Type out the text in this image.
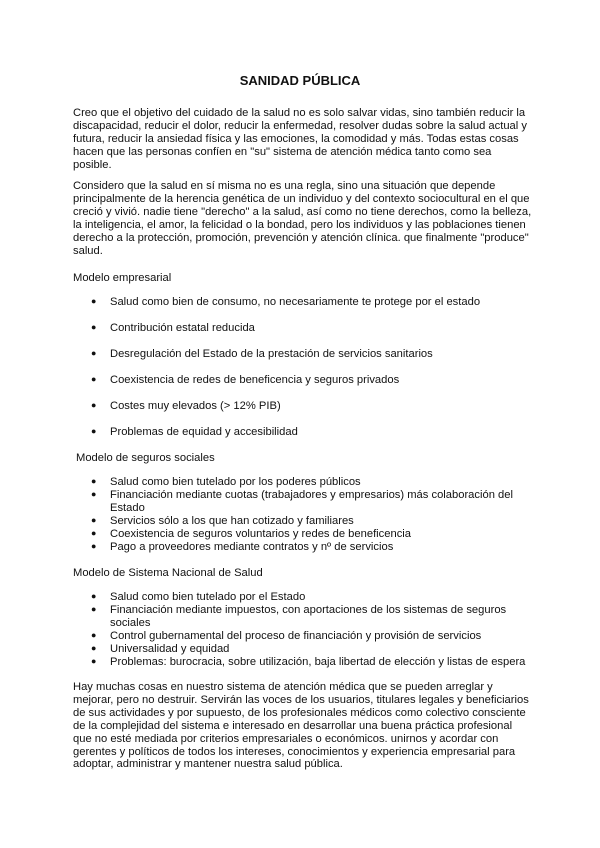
SANIDAD PÚBLICA
Creo que el objetivo del cuidado de la salud no es solo salvar vidas, sino también reducir la
discapacidad, reducir el dolor, reducir la enfermedad, resolver dudas sobre la salud actual y
futura, reducir la ansiedad física y las emociones, la comodidad y más. Todas estas cosas
hacen que las personas confíen en "su" sistema de atención médica tanto como sea
posible.
Considero que la salud en sí misma no es una regla, sino una situación que depende
principalmente de la herencia genética de un individuo y del contexto sociocultural en el que
creció y vivió. nadie tiene "derecho" a la salud, así como no tiene derechos, como la belleza,
la inteligencia, el amor, la felicidad o la bondad, pero los individuos y las poblaciones tienen
derecho a la protección, promoción, prevención y atención clínica. que finalmente "produce"
salud.
Modelo empresarial
● Salud como bien de consumo, no necesariamente te protege por el estado
● Contribución estatal reducida
● Desregulación del Estado de la prestación de servicios sanitarios
● Coexistencia de redes de beneficencia y seguros privados
● Costes muy elevados (> 12% PIB)
● Problemas de equidad y accesibilidad
Modelo de seguros sociales
● Salud como bien tutelado por los poderes públicos
● Financiación mediante cuotas (trabajadores y empresarios) más colaboración del
● Servicios sólo a los que han cotizado y familiares
● Coexistencia de seguros voluntarios y redes de beneficencia
● Pago a proveedores mediante contratos y nº de servicios
Estado
Modelo de Sistema Nacional de Salud
● Salud como bien tutelado por el Estado
● Financiación mediante impuestos, con aportaciones de los sistemas de seguros
● Control gubernamental del proceso de financiación y provisión de servicios
● Universalidad y equidad
● Problemas: burocracia, sobre utilización, baja libertad de elección y listas de espera
sociales
Hay muchas cosas en nuestro sistema de atención médica que se pueden arreglar y
mejorar, pero no destruir. Servirán las voces de los usuarios, titulares legales y beneficiarios
de sus actividades y por supuesto, de los profesionales médicos como colectivo consciente
de la complejidad del sistema e interesado en desarrollar una buena práctica profesional
que no esté mediada por criterios empresariales o económicos. unirnos y acordar con
gerentes y políticos de todos los intereses, conocimientos y experiencia empresarial para
adoptar, administrar y mantener nuestra salud pública.
